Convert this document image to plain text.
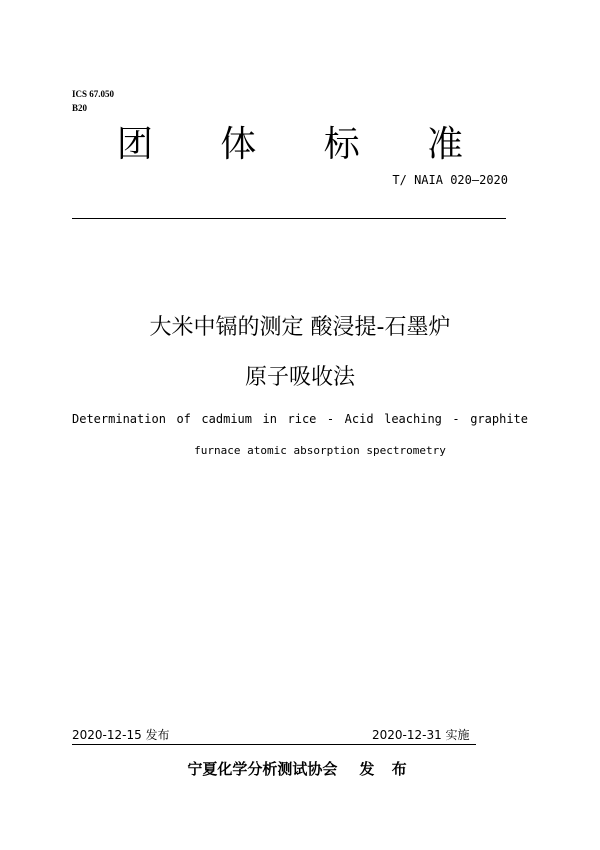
ICS 67.050
B20
团 体 标 准
T/ NAIA 020—2020
大米中镉的测定 酸浸提-石墨炉
原子吸收法
Determination of cadmium in rice - Acid leaching - graphite
furnace atomic absorption spectrometry
2020-12-15 发布	2020-12-31 实施
宁夏化学分析测试协会 发 布
